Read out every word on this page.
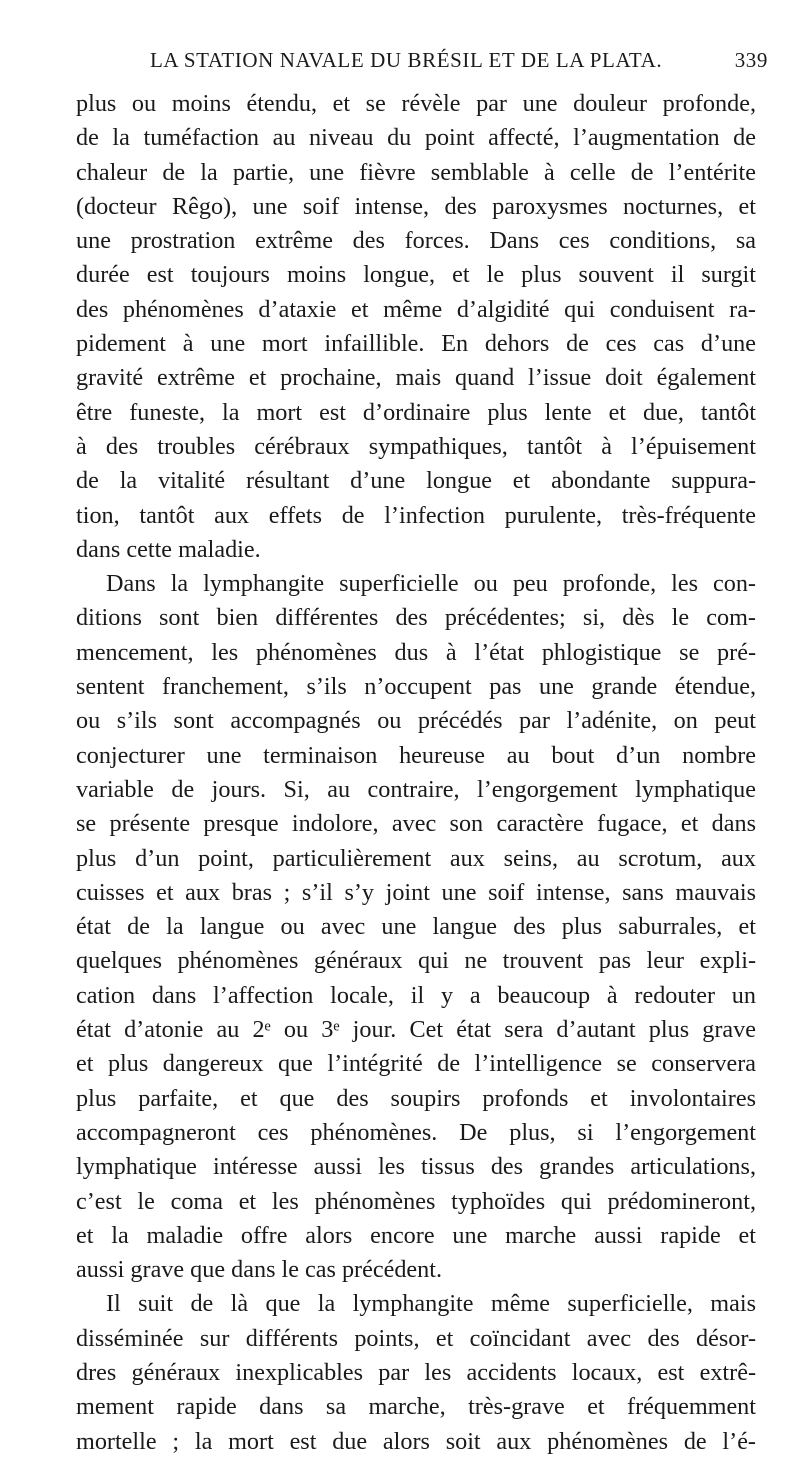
LA STATION NAVALE DU BRÉSIL ET DE LA PLATA.	339
plus ou moins étendu, et se révèle par une douleur profonde,
de la tuméfaction au niveau du point affecté, l’augmentation de
chaleur de la partie, une fièvre semblable à celle de l’entérite
(docteur Rêgo), une soif intense, des paroxysmes nocturnes, et
une prostration extrême des forces. Dans ces conditions, sa
durée est toujours moins longue, et le plus souvent il surgit
des phénomènes d’ataxie et même d’algidité qui conduisent ra-
pidement à une mort infaillible. En dehors de ces cas d’une
gravité extrême et prochaine, mais quand l’issue doit également
être funeste, la mort est d’ordinaire plus lente et due, tantôt
à des troubles cérébraux sympathiques, tantôt à l’épuisement
de la vitalité résultant d’une longue et abondante suppura-
tion, tantôt aux effets de l’infection purulente, très-fréquente
dans cette maladie.
Dans la lymphangite superficielle ou peu profonde, les con-
ditions sont bien différentes des précédentes; si, dès le com-
mencement, les phénomènes dus à l’état phlogistique se pré-
sentent franchement, s’ils n’occupent pas une grande étendue,
ou s’ils sont accompagnés ou précédés par l’adénite, on peut
conjecturer une terminaison heureuse au bout d’un nombre
variable de jours. Si, au contraire, l’engorgement lymphatique
se présente presque indolore, avec son caractère fugace, et dans
plus d’un point, particulièrement aux seins, au scrotum, aux
cuisses et aux bras ; s’il s’y joint une soif intense, sans mauvais
état de la langue ou avec une langue des plus saburrales, et
quelques phénomènes généraux qui ne trouvent pas leur expli-
cation dans l’affection locale, il y a beaucoup à redouter un
état d’atonie au 2ᵉ ou 3ᵉ jour. Cet état sera d’autant plus grave
et plus dangereux que l’intégrité de l’intelligence se conservera
plus parfaite, et que des soupirs profonds et involontaires
accompagneront ces phénomènes. De plus, si l’engorgement
lymphatique intéresse aussi les tissus des grandes articulations,
c’est le coma et les phénomènes typhoïdes qui prédomineront,
et la maladie offre alors encore une marche aussi rapide et
aussi grave que dans le cas précédent.
Il suit de là que la lymphangite même superficielle, mais
disséminée sur différents points, et coïncidant avec des désor-
dres généraux inexplicables par les accidents locaux, est extrê-
mement rapide dans sa marche, très-grave et fréquemment
mortelle ; la mort est due alors soit aux phénomènes de l’é-
